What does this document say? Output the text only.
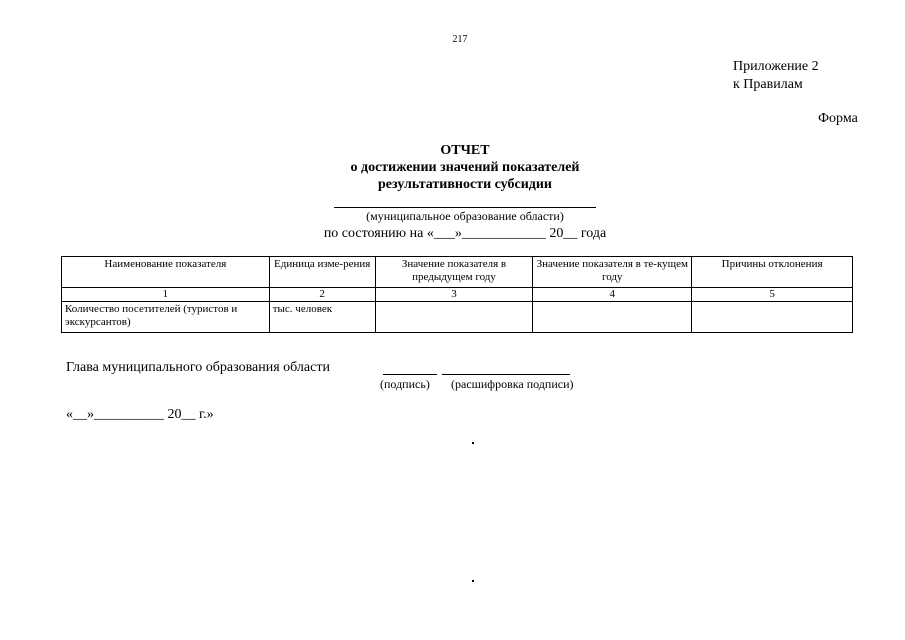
217
Приложение 2
к Правилам
Форма
ОТЧЕТ
о достижении значений показателей
результативности субсидии
(муниципальное образование области)
по состоянию на «___»____________ 20__ года
Наименование показателя	Единица изме-рения	Значение показателя в предыдущем году	Значение показателя в те-кущем году	Причины отклонения
1	2	3	4	5
Количество посетителей (туристов и экскурсантов)	тыс. человек			
Глава муниципального образования области
(подпись) (расшифровка подписи)
«__»__________ 20__ г.»
